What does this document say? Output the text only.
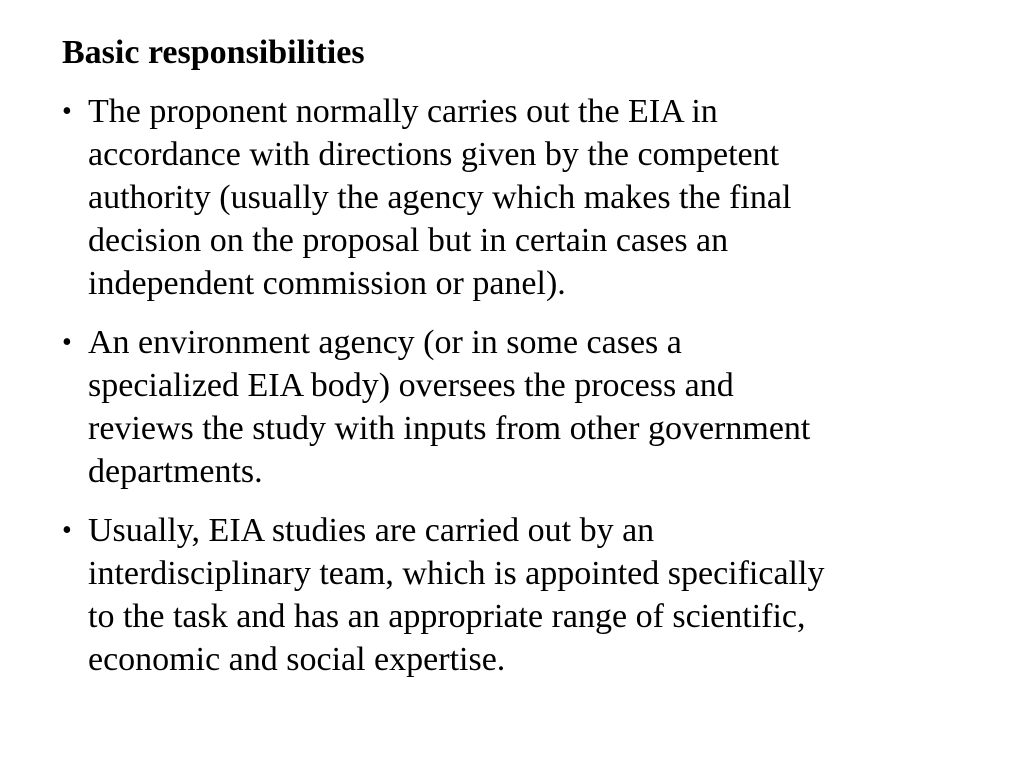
Basic responsibilities
• The proponent normally carries out the EIA in
accordance with directions given by the competent
authority (usually the agency which makes the final
decision on the proposal but in certain cases an
independent commission or panel).
• An environment agency (or in some cases a
specialized EIA body) oversees the process and
reviews the study with inputs from other government
departments.
• Usually, EIA studies are carried out by an
interdisciplinary team, which is appointed specifically
to the task and has an appropriate range of scientific,
economic and social expertise.
